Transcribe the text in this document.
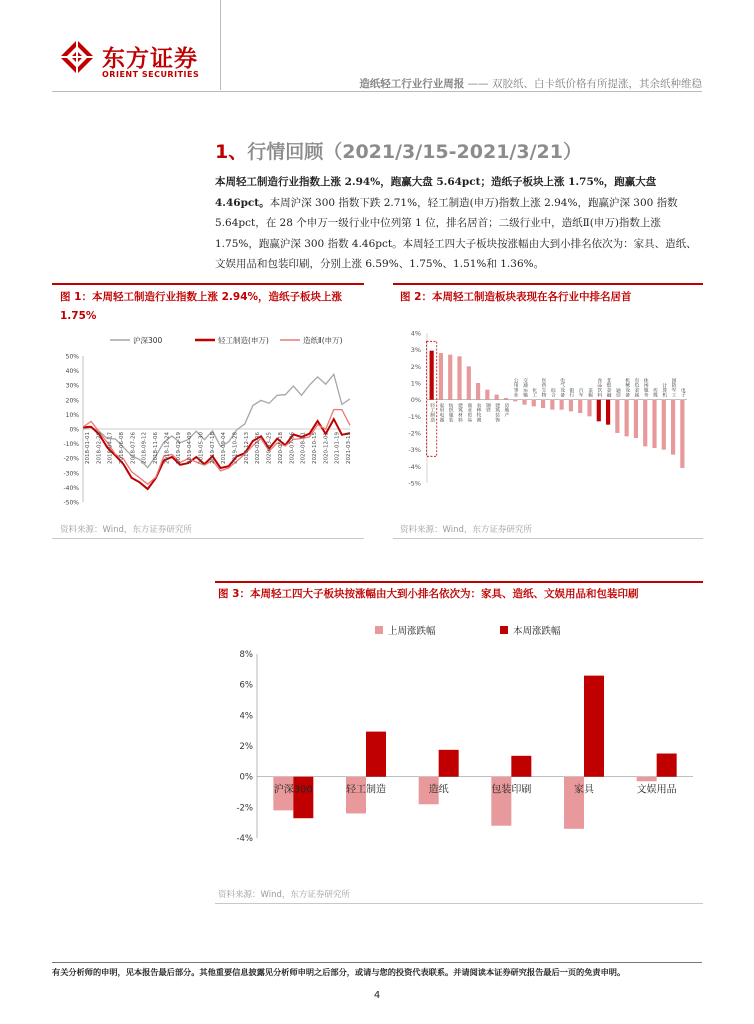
东方证券
ORIENT SECURITIES
造纸轻工行业行业周报 —— 双胶纸、白卡纸价格有所提涨，其余纸种维稳
1、行情回顾（2021/3/15-2021/3/21）
本周轻工制造行业指数上涨 2.94%，跑赢大盘 5.64pct；造纸子板块上涨 1.75%，跑赢大盘 4.46pct。本周沪深 300 指数下跌 2.71%，轻工制造(申万)指数上涨 2.94%，跑赢沪深 300 指数 5.64pct，在 28 个申万一级行业中位列第 1 位，排名居首；二级行业中，造纸Ⅱ(申万)指数上涨 1.75%，跑赢沪深 300 指数 4.46pct。本周轻工四大子板块按涨幅由大到小排名依次为：家具、造纸、文娱用品和包装印刷，分别上涨 6.59%、1.75%、1.51%和 1.36%。
图 1：本周轻工制造行业指数上涨 2.94%，造纸子板块上涨 1.75%
沪深300	轻工制造(申万)	造纸Ⅱ(申万)
50%
40%
30%
20%
10%
0%
-10%
-20%
-30%
-40%
-50%
2018-01-01 2018-02-28 2018-04-17 2018-06-08 2018-07-26 2018-09-12 2018-11-06 2018-12-24 2019-02-19 2019-04-09 2019-05-30 2019-07-18 2019-09-04 2019-10-28 2019-12-13 2020-02-06 2020-03-25 2020-05-18 2020-07-06 2020-08-21 2020-10-15 2020-12-01 2021-01-19 2021-03-15
资料来源：Wind，东方证券研究所
图 2：本周轻工制造板块表现在各行业中排名居首
4%
3%
2%
1%
0%
-1%
-2%
-3%
-4%
-5%
轻工制造 家用电器 纺织服装 建筑材料 商业贸易 农林牧渔 钢铁 建筑装饰 房地产
公用事业 交通运输 化工 医药生物 综合 电气设备 银行 汽车 采掘 食品饮料 非银金融 通信 机械设备 有色金属 休闲服务 传媒 计算机 国防军工 电子
资料来源：Wind，东方证券研究所
图 3：本周轻工四大子板块按涨幅由大到小排名依次为：家具、造纸、文娱用品和包装印刷
上周涨跌幅	本周涨跌幅
8%
6%
4%
2%
0%
-2%
-4%
沪深300	轻工制造	造纸	包装印刷	家具	文娱用品
资料来源：Wind，东方证券研究所
有关分析师的申明，见本报告最后部分。其他重要信息披露见分析师申明之后部分，或请与您的投资代表联系。并请阅读本证券研究报告最后一页的免责申明。
4
